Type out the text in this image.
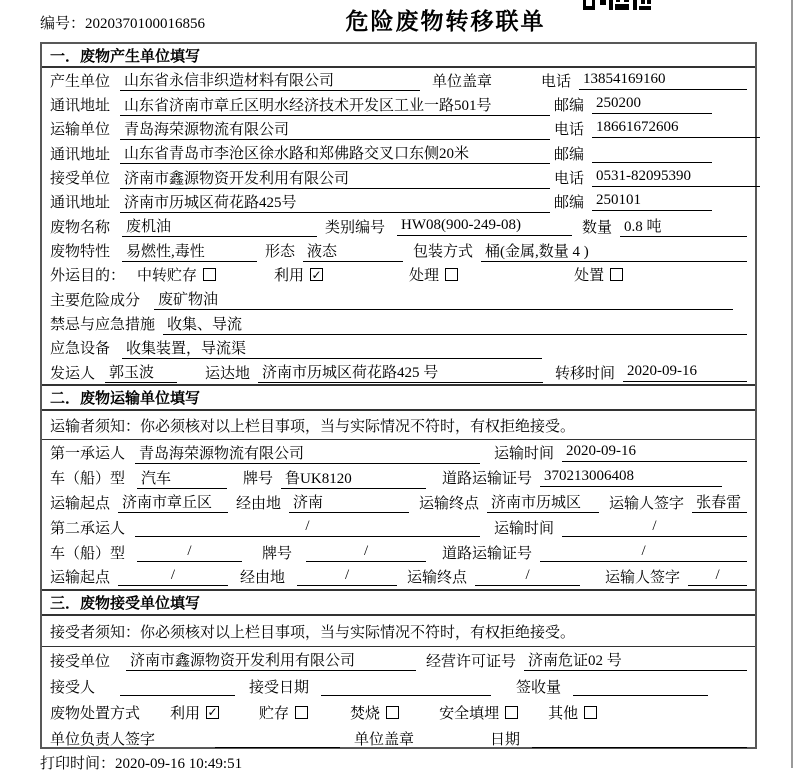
编号：2020370100016856	危险废物转移联单
一．废物产生单位填写
产生单位 山东省永信非织造材料有限公司	单位盖章	电话 13854169160
通讯地址 山东省济南市章丘区明水经济技术开发区工业一路501号	邮编 250200
运输单位 青岛海荣源物流有限公司	电话 18661672606
通讯地址 山东省青岛市李沧区徐水路和郑佛路交叉口东侧20米	邮编
接受单位 济南市鑫源物资开发利用有限公司	电话 0531-82095390
通讯地址 济南市历城区荷花路425号	邮编 250101
废物名称 废机油	类别编号 HW08(900-249-08)	数量 0.8 吨
废物特性 易燃性,毒性	形态 液态	包装方式 桶(金属,数量 4 )
外运目的： 中转贮存	利用 ✓	处理	处置
主要危险成分 废矿物油
禁忌与应急措施 收集、导流
应急设备 收集装置，导流渠
发运人 郭玉波	运达地 济南市历城区荷花路425 号	转移时间 2020-09-16
二．废物运输单位填写
运输者须知：你必须核对以上栏目事项，当与实际情况不符时，有权拒绝接受。
第一承运人 青岛海荣源物流有限公司	运输时间 2020-09-16
车（船）型 汽车	牌号 鲁UK8120	道路运输证号 370213006408
运输起点 济南市章丘区	经由地 济南	运输终点 济南市历城区	运输人签字 张春雷
第二承运人	/	运输时间	/
车（船）型	/	牌号	/	道路运输证号	/
运输起点	/	经由地	/	运输终点	/	运输人签字	/
三．废物接受单位填写
接受者须知：你必须核对以上栏目事项，当与实际情况不符时，有权拒绝接受。
接受单位 济南市鑫源物资开发利用有限公司	经营许可证号 济南危证02 号
接受人	接受日期	签收量
废物处置方式 利用 ✓	贮存	焚烧	安全填埋	其他
单位负责人签字	单位盖章	日期
打印时间：2020-09-16 10:49:51
